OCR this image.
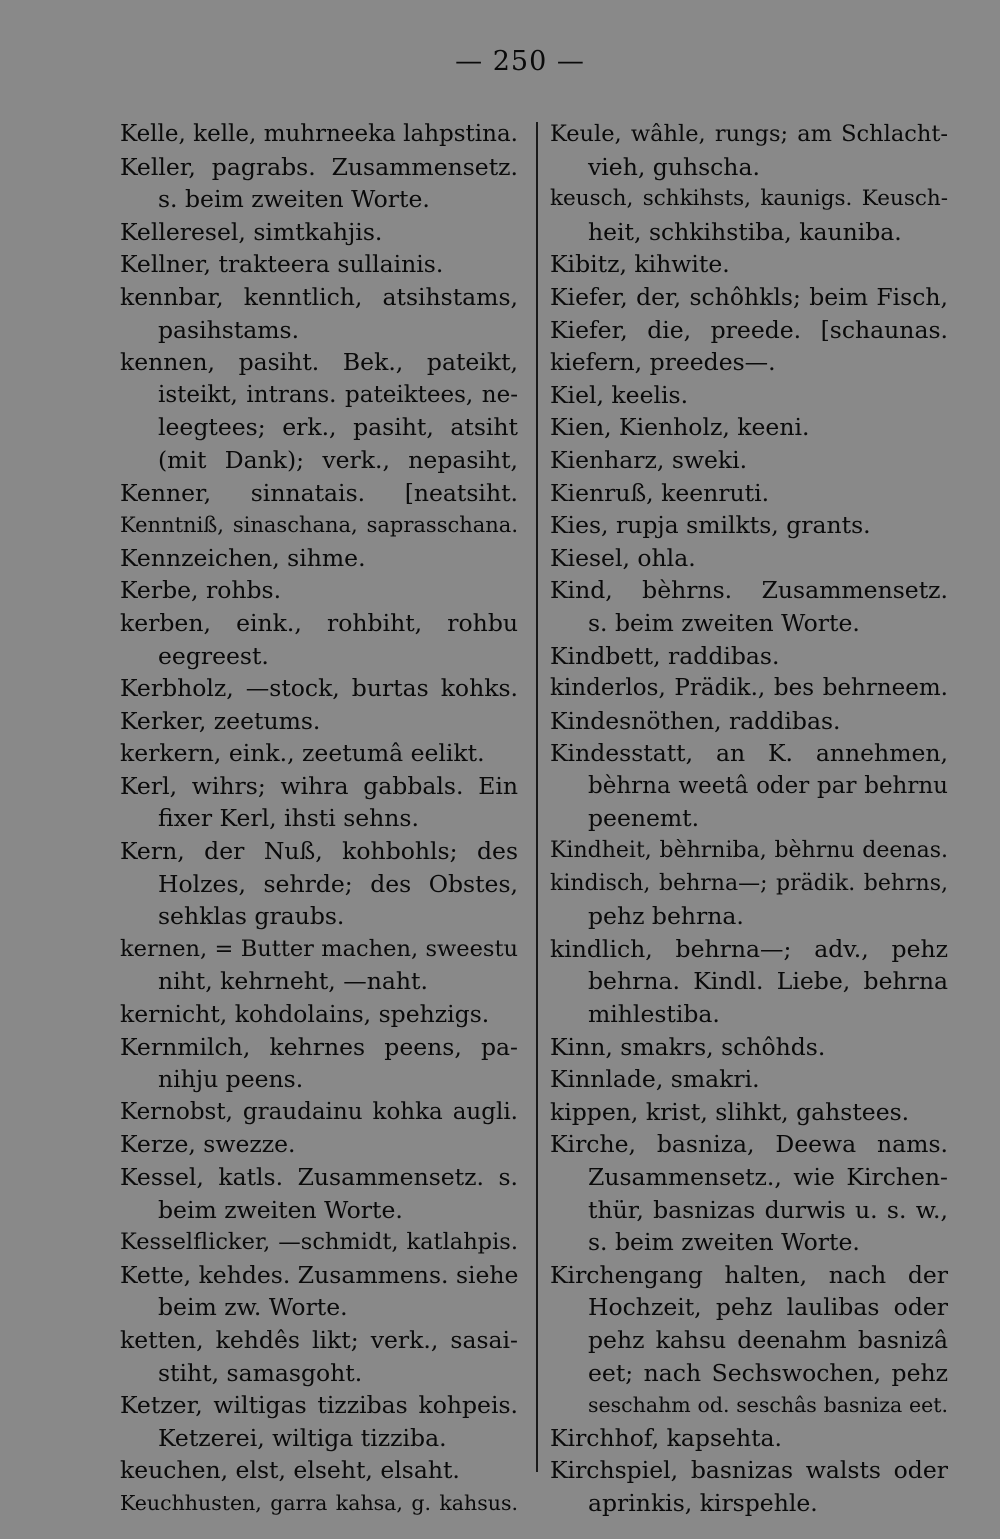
— 250 —
Kelle, kelle, muhrneeka lahpstina.
Keller, pagrabs. Zusammensetz.
s. beim zweiten Worte.
Kelleresel, simtkahjis.
Kellner, trakteera sullainis.
kennbar, kenntlich, atsihstams,
pasihstams.
kennen, pasiht. Bek., pateikt,
isteikt, intrans. pateiktees, ne-
leegtees; erk., pasiht, atsiht
(mit Dank); verk., nepasiht,
Kenner, sinnatais. [neatsiht.
Kenntniß, sinaschana, saprasschana.
Kennzeichen, sihme.
Kerbe, rohbs.
kerben, eink., rohbiht, rohbu
eegreest.
Kerbholz, —stock, burtas kohks.
Kerker, zeetums.
kerkern, eink., zeetumâ eelikt.
Kerl, wihrs; wihra gabbals. Ein
fixer Kerl, ihsti sehns.
Kern, der Nuß, kohbohls; des
Holzes, sehrde; des Obstes,
sehklas graubs.
kernen, = Butter machen, sweestu
niht, kehrneht, —naht.
kernicht, kohdolains, spehzigs.
Kernmilch, kehrnes peens, pa-
nihju peens.
Kernobst, graudainu kohka augli.
Kerze, swezze.
Kessel, katls. Zusammensetz. s.
beim zweiten Worte.
Kesselflicker, —schmidt, katlahpis.
Kette, kehdes. Zusammens. siehe
beim zw. Worte.
ketten, kehdês likt; verk., sasai-
stiht, samasgoht.
Ketzer, wiltigas tizzibas kohpeis.
Ketzerei, wiltiga tizziba.
keuchen, elst, elseht, elsaht.
Keuchhusten, garra kahsa, g. kahsus.
Keule, wâhle, rungs; am Schlacht-
vieh, guhscha.
keusch, schkihsts, kaunigs. Keusch-
heit, schkihstiba, kauniba.
Kibitz, kihwite.
Kiefer, der, schôhkls; beim Fisch,
Kiefer, die, preede. [schaunas.
kiefern, preedes—.
Kiel, keelis.
Kien, Kienholz, keeni.
Kienharz, sweki.
Kienruß, keenruti.
Kies, rupja smilkts, grants.
Kiesel, ohla.
Kind, bèhrns. Zusammensetz.
s. beim zweiten Worte.
Kindbett, raddibas.
kinderlos, Prädik., bes behrneem.
Kindesnöthen, raddibas.
Kindesstatt, an K. annehmen,
bèhrna weetâ oder par behrnu
peenemt.
Kindheit, bèhrniba, bèhrnu deenas.
kindisch, behrna—; prädik. behrns,
pehz behrna.
kindlich, behrna—; adv., pehz
behrna. Kindl. Liebe, behrna
mihlestiba.
Kinn, smakrs, schôhds.
Kinnlade, smakri.
kippen, krist, slihkt, gahstees.
Kirche, basniza, Deewa nams.
Zusammensetz., wie Kirchen-
thür, basnizas durwis u. s. w.,
s. beim zweiten Worte.
Kirchengang halten, nach der
Hochzeit, pehz laulibas oder
pehz kahsu deenahm basnizâ
eet; nach Sechswochen, pehz
seschahm od. seschâs basniza eet.
Kirchhof, kapsehta.
Kirchspiel, basnizas walsts oder
aprinkis, kirspehle.
